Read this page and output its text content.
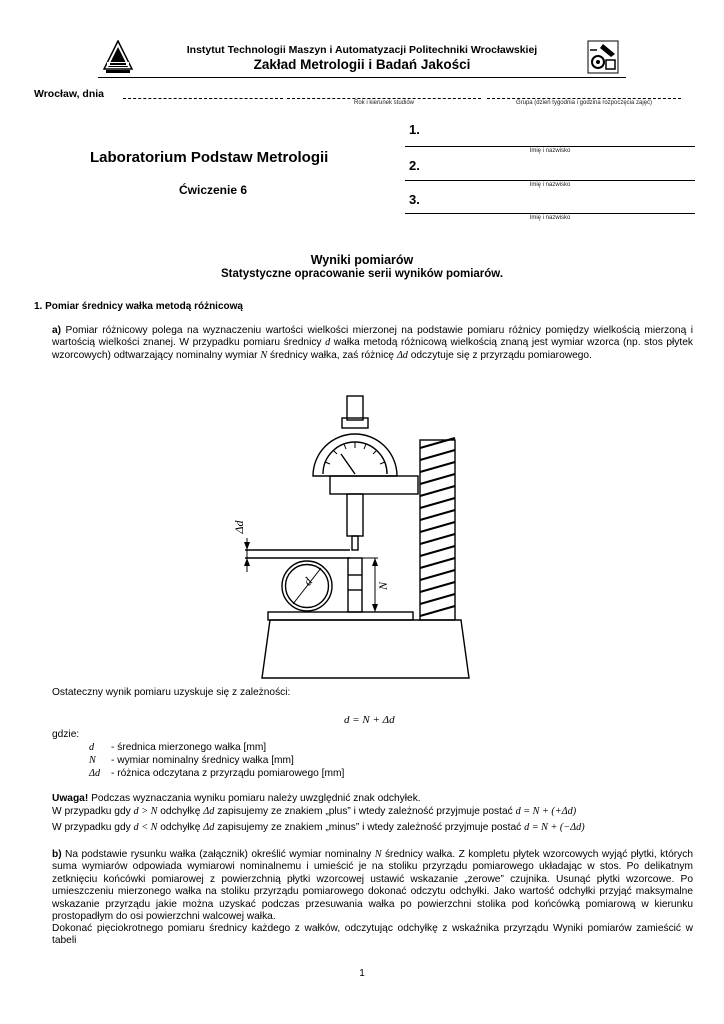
Instytut Technologii Maszyn i Automatyzacji Politechniki Wrocławskiej
Zakład Metrologii i Badań Jakości
Wrocław, dnia
Rok i kierunek studiów	Grupa (dzień tygodnia i godzina rozpoczęcia zajęć)
Laboratorium Podstaw Metrologii
Ćwiczenie 6
1.
Imię i nazwisko
2.
Imię i nazwisko
3.
Imię i nazwisko
Wyniki pomiarów
Statystyczne opracowanie serii wyników pomiarów.
1. Pomiar średnicy wałka metodą różnicową
a) Pomiar różnicowy polega na wyznaczeniu wartości wielkości mierzonej na podstawie pomiaru różnicy pomiędzy wielkością mierzoną i wartością wielkości znanej. W przypadku pomiaru średnicy d wałka metodą różnicową wielkością znaną jest wymiar wzorca (np. stos płytek wzorcowych) odtwarzający nominalny wymiar N średnicy wałka, zaś różnicę Δd odczytuje się z przyrządu pomiarowego.
Δd
d	N
Ostateczny wynik pomiaru uzyskuje się z zależności:
d = N + Δd
gdzie:
d - średnica mierzonego wałka [mm]
N - wymiar nominalny średnicy wałka [mm]
Δd - różnica odczytana z przyrządu pomiarowego [mm]
Uwaga! Podczas wyznaczania wyniku pomiaru należy uwzględnić znak odchyłek.
W przypadku gdy d > N odchyłkę Δd zapisujemy ze znakiem „plus” i wtedy zależność przyjmuje postać d = N + (+Δd)
W przypadku gdy d < N odchyłkę Δd zapisujemy ze znakiem „minus” i wtedy zależność przyjmuje postać d = N + (−Δd)
b) Na podstawie rysunku wałka (załącznik) określić wymiar nominalny N średnicy wałka. Z kompletu płytek wzorcowych wyjąć płytki, których suma wymiarów odpowiada wymiarowi nominalnemu i umieścić je na stoliku przyrządu pomiarowego układając w stos. Po delikatnym zetknięciu końcówki pomiarowej z powierzchnią płytki wzorcowej ustawić wskazanie „zerowe” czujnika. Usunąć płytki wzorcowe. Po umieszczeniu mierzonego wałka na stoliku przyrządu pomiarowego dokonać odczytu odchyłki. Jako wartość odchyłki przyjąć maksymalne wskazanie przyrządu jakie można uzyskać podczas przesuwania wałka po powierzchni stolika pod końcówką pomiarową w kierunku prostopadłym do osi powierzchni walcowej wałka.
Dokonać pięciokrotnego pomiaru średnicy każdego z wałków, odczytując odchyłkę z wskaźnika przyrządu Wyniki pomiarów zamieścić w tabeli
1
